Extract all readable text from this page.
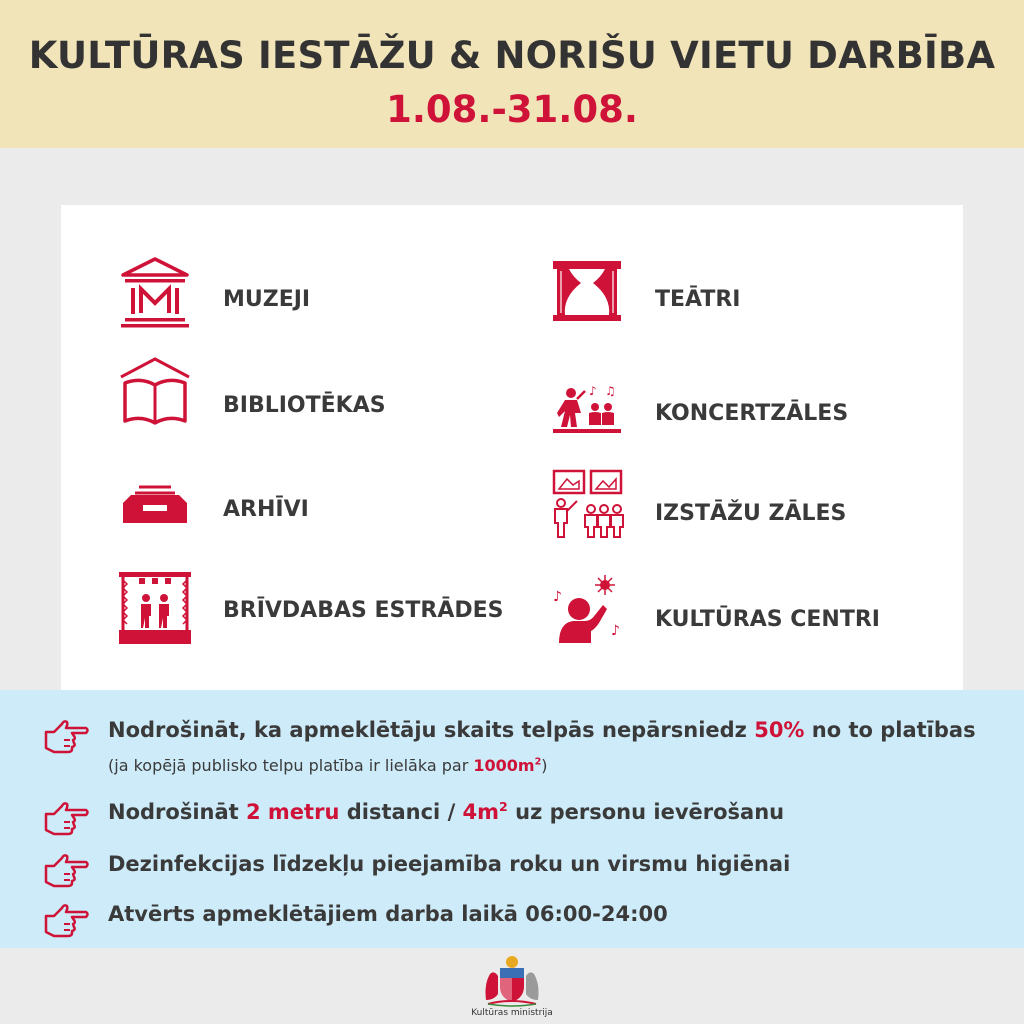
KULTŪRAS IESTĀŽU & NORIŠU VIETU DARBĪBA
1.08.-31.08.
MUZEJI
BIBLIOTĒKAS
ARHĪVI
BRĪVDABAS ESTRĀDES
TEĀTRI
♪ ♫
KONCERTZĀLES
IZSTĀŽU ZĀLES
♪
♪ KULTŪRAS CENTRI
Nodrošināt, ka apmeklētāju skaits telpās nepārsniedz 50% no to platības
(ja kopējā publisko telpu platība ir lielāka par $1000m^2$)
Nodrošināt 2 metru distanci / $4m^2$ uz personu ievērošanu
Dezinfekcijas līdzekļu pieejamība roku un virsmu higiēnai
Atvērts apmeklētājiem darba laikā 06:00-24:00
Kultūras ministrija
